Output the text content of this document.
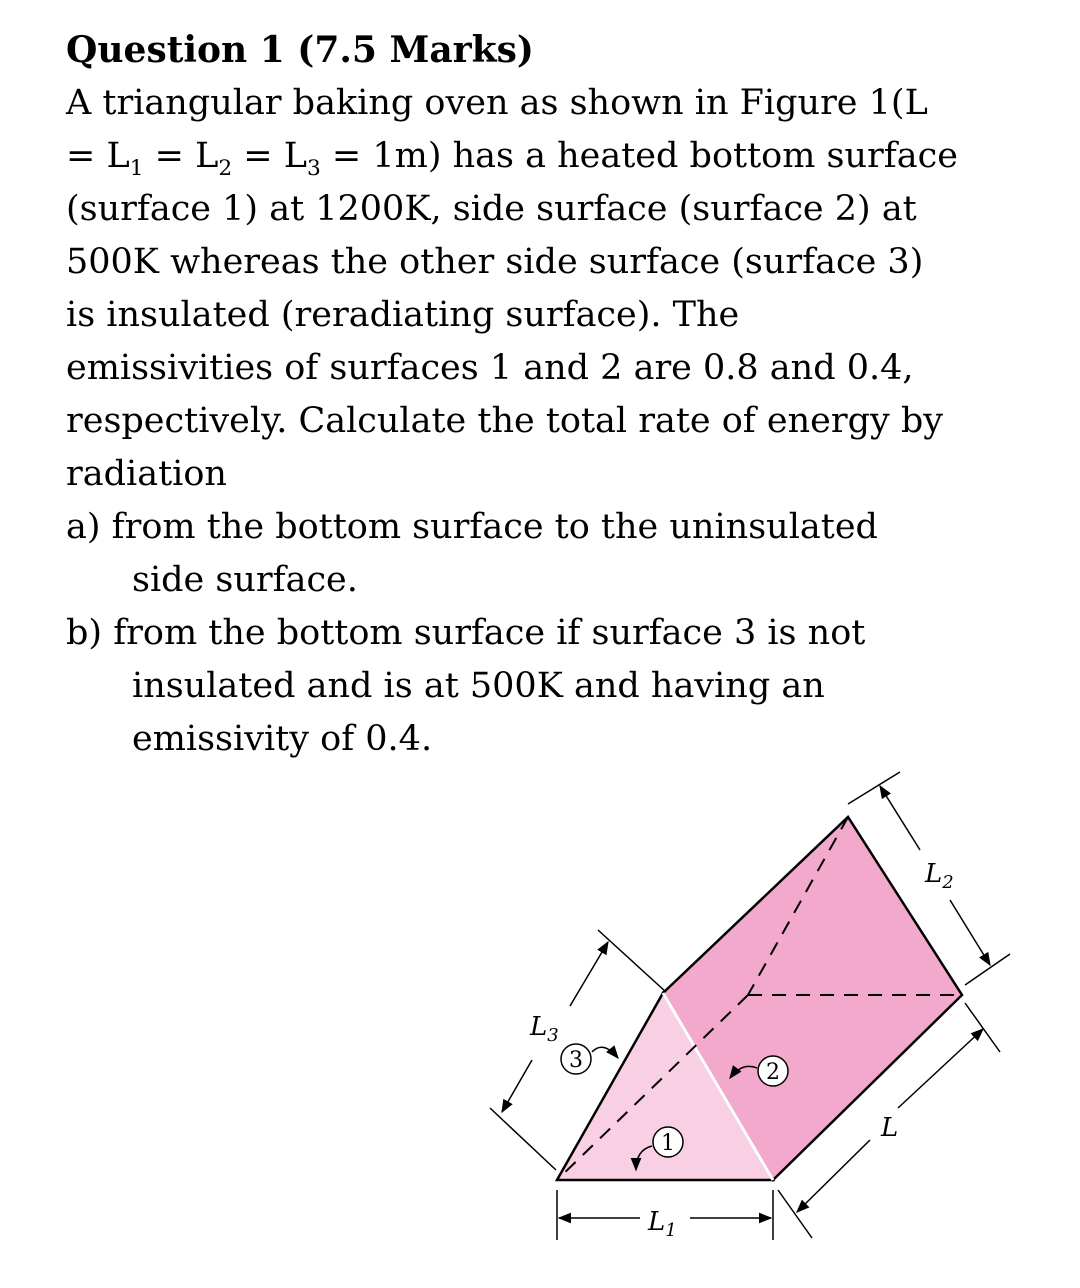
Question 1 (7.5 Marks)

A triangular baking oven as shown in Figure 1(L

= $L_1 = L_2 = L_3 = 1m$) has a heated bottom surface

(surface 1) at 1200K, side surface (surface 2) at

500K whereas the other side surface (surface 3)

is insulated (reradiating surface). The

emissivities of surfaces 1 and 2 are 0.8 and 0.4,

respectively. Calculate the total rate of energy by

radiation

a) from the bottom surface to the uninsulated

side surface.

b) from the bottom surface if surface 3 is not

insulated and is at 500K and having an

emissivity of 0.4.

$L_3$
$L_2$
L
$L_1$
3
1
2
